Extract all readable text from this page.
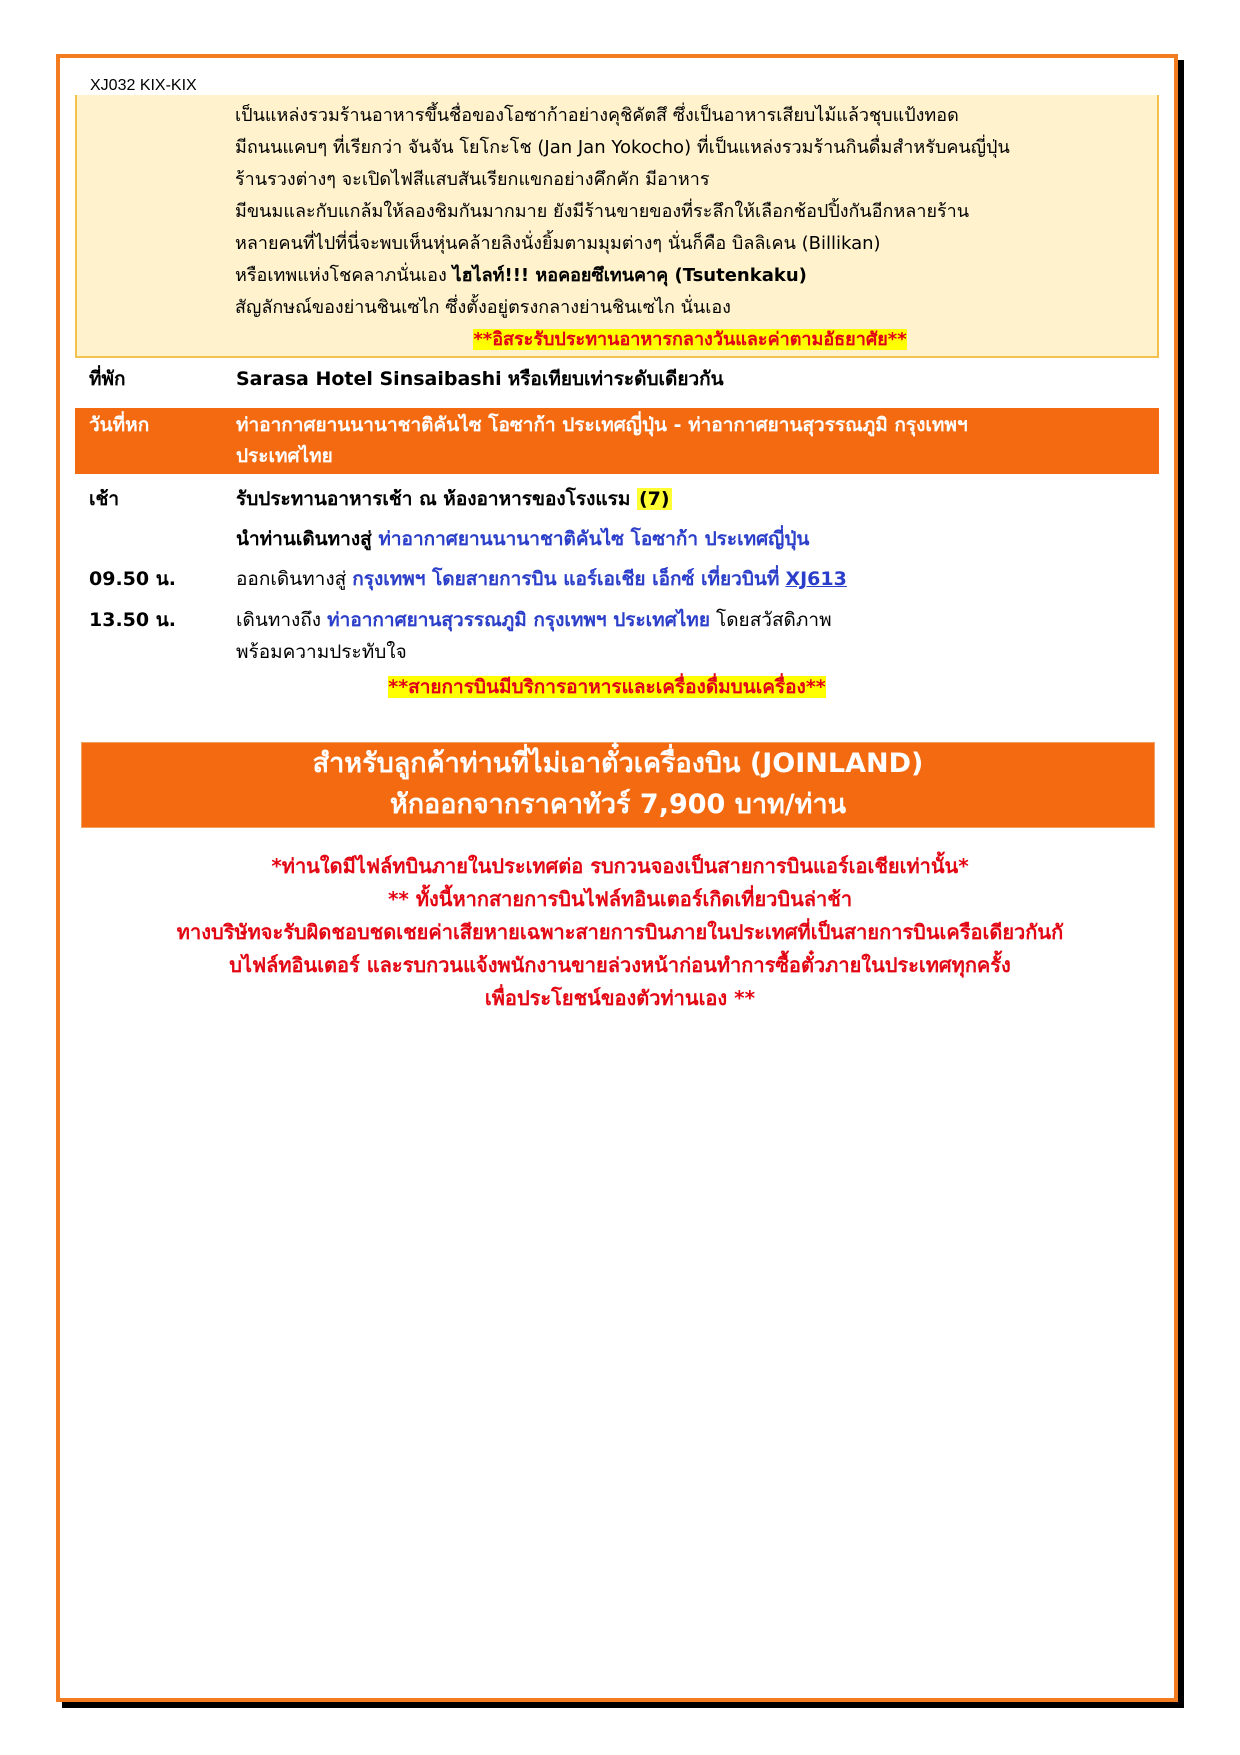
XJ032 KIX-KIX
เป็นแหล่งรวมร้านอาหารขึ้นชื่อของโอซาก้าอย่างคุชิคัตสึ ซึ่งเป็นอาหารเสียบไม้แล้วชุบแป้งทอด
มีถนนแคบๆ ที่เรียกว่า จันจัน โยโกะโช (Jan Jan Yokocho) ที่เป็นแหล่งรวมร้านกินดื่มสำหรับคนญี่ปุ่น
ร้านรวงต่างๆ จะเปิดไฟสีแสบสันเรียกแขกอย่างคึกคัก มีอาหาร
มีขนมและกับแกล้มให้ลองชิมกันมากมาย ยังมีร้านขายของที่ระลึกให้เลือกช้อปปิ้งกันอีกหลายร้าน
หลายคนที่ไปที่นี่จะพบเห็นหุ่นคล้ายลิงนั่งยิ้มตามมุมต่างๆ นั่นก็คือ บิลลิเคน (Billikan)
หรือเทพแห่งโชคลาภนั่นเอง ไฮไลท์!!! หอคอยซึเทนคาคุ (Tsutenkaku)
สัญลักษณ์ของย่านชินเซไก ซึ่งตั้งอยู่ตรงกลางย่านชินเซไก นั่นเอง
**อิสระรับประทานอาหารกลางวันและค่าตามอัธยาศัย**
ที่พัก	Sarasa Hotel Sinsaibashi หรือเทียบเท่าระดับเดียวกัน
วันที่หก	ท่าอากาศยานนานาชาติคันไซ โอซาก้า ประเทศญี่ปุ่น - ท่าอากาศยานสุวรรณภูมิ กรุงเทพฯ
ประเทศไทย
เช้า	รับประทานอาหารเช้า ณ ห้องอาหารของโรงแรม (7)
นำท่านเดินทางสู่ ท่าอากาศยานนานาชาติคันไซ โอซาก้า ประเทศญี่ปุ่น
09.50 น.	ออกเดินทางสู่ กรุงเทพฯ โดยสายการบิน แอร์เอเชีย เอ็กซ์ เที่ยวบินที่ XJ613
13.50 น.	เดินทางถึง ท่าอากาศยานสุวรรณภูมิ กรุงเทพฯ ประเทศไทย โดยสวัสดิภาพ
พร้อมความประทับใจ
**สายการบินมีบริการอาหารและเครื่องดื่มบนเครื่อง**
สำหรับลูกค้าท่านที่ไม่เอาตั๋วเครื่องบิน (JOINLAND)
หักออกจากราคาทัวร์ 7,900 บาท/ท่าน
*ท่านใดมีไฟล์ทบินภายในประเทศต่อ รบกวนจองเป็นสายการบินแอร์เอเชียเท่านั้น*
** ทั้งนี้หากสายการบินไฟล์ทอินเตอร์เกิดเที่ยวบินล่าช้า
ทางบริษัทจะรับผิดชอบชดเชยค่าเสียหายเฉพาะสายการบินภายในประเทศที่เป็นสายการบินเครือเดียวกันกั
บไฟล์ทอินเตอร์ และรบกวนแจ้งพนักงานขายล่วงหน้าก่อนทำการซื้อตั๋วภายในประเทศทุกครั้ง
เพื่อประโยชน์ของตัวท่านเอง **
